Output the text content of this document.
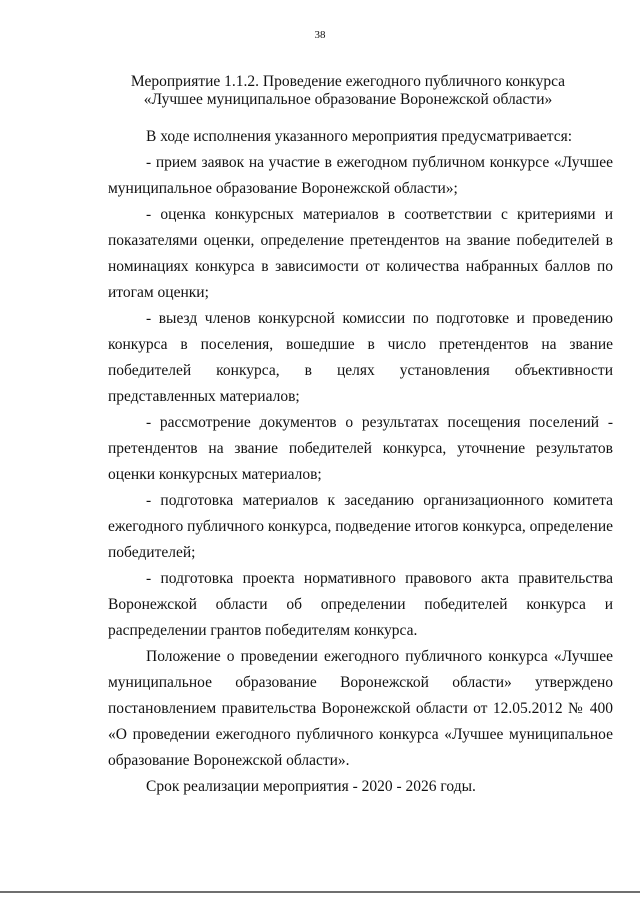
38
Мероприятие 1.1.2. Проведение ежегодного публичного конкурса
«Лучшее муниципальное образование Воронежской области»

В ходе исполнения указанного мероприятия предусматривается:

- прием заявок на участие в ежегодном публичном конкурсе «Лучшее муниципальное образование Воронежской области»;

- оценка конкурсных материалов в соответствии с критериями и показателями оценки, определение претендентов на звание победителей в номинациях конкурса в зависимости от количества набранных баллов по итогам оценки;

- выезд членов конкурсной комиссии по подготовке и проведению конкурса в поселения, вошедшие в число претендентов на звание победителей конкурса, в целях установления объективности представленных материалов;

- рассмотрение документов о результатах посещения поселений - претендентов на звание победителей конкурса, уточнение результатов оценки конкурсных материалов;

- подготовка материалов к заседанию организационного комитета ежегодного публичного конкурса, подведение итогов конкурса, определение победителей;

- подготовка проекта нормативного правового акта правительства Воронежской области об определении победителей конкурса и распределении грантов победителям конкурса.

Положение о проведении ежегодного публичного конкурса «Лучшее муниципальное образование Воронежской области» утверждено постановлением правительства Воронежской области от 12.05.2012 № 400 «О проведении ежегодного публичного конкурса «Лучшее муниципальное образование Воронежской области».

Срок реализации мероприятия - 2020 - 2026 годы.
